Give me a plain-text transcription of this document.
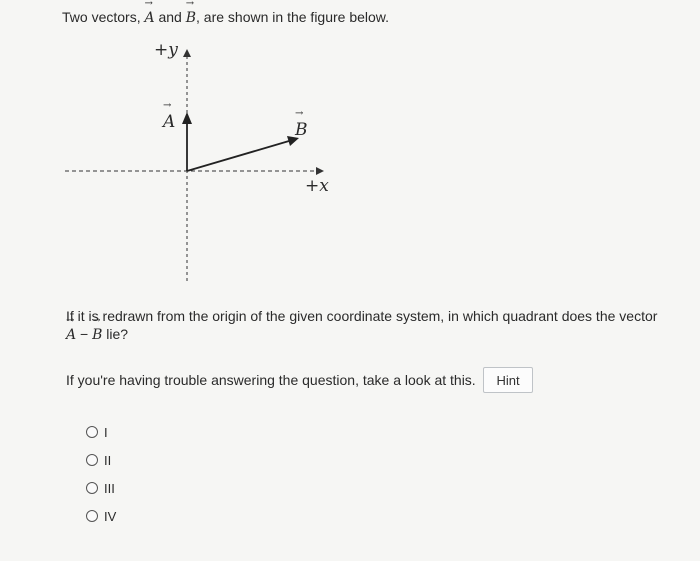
Two vectors, → A and → B, are shown in the figure below.
+y
+x
→ A
→	B
If it is redrawn from the origin of the given coordinate system, in which quadrant does the vector
→ A − → B lie?
If you're having trouble answering the question, take a look at this.	Hint
I
II
III
IV
